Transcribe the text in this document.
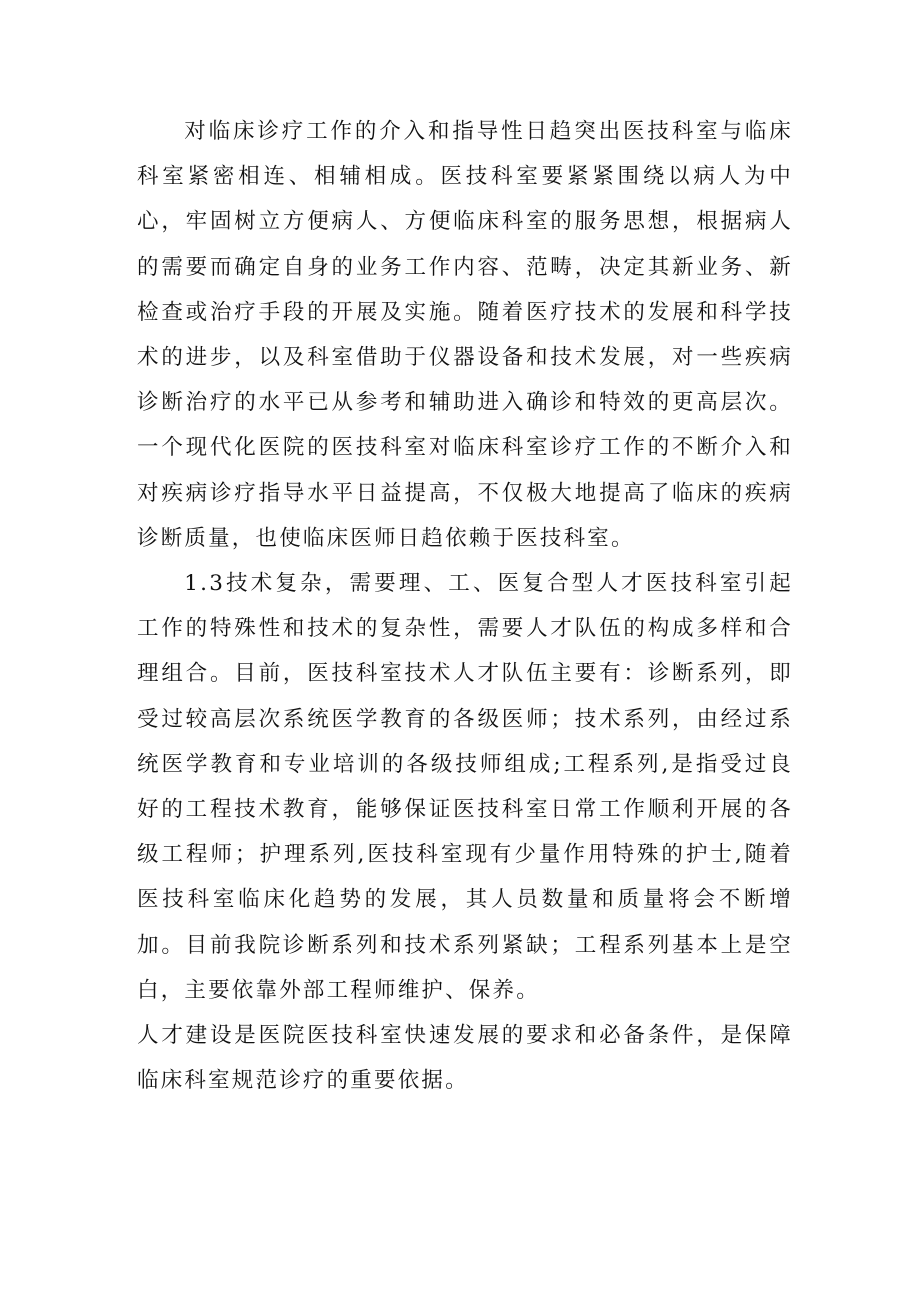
对临床诊疗工作的介入和指导性日趋突出医技科室与临床科室紧密相连、相辅相成。医技科室要紧紧围绕以病人为中心，牢固树立方便病人、方便临床科室的服务思想，根据病人的需要而确定自身的业务工作内容、范畴，决定其新业务、新检查或治疗手段的开展及实施。随着医疗技术的发展和科学技术的进步，以及科室借助于仪器设备和技术发展，对一些疾病诊断治疗的水平已从参考和辅助进入确诊和特效的更高层次。一个现代化医院的医技科室对临床科室诊疗工作的不断介入和对疾病诊疗指导水平日益提高，不仅极大地提高了临床的疾病诊断质量，也使临床医师日趋依赖于医技科室。

1.3技术复杂，需要理、工、医复合型人才医技科室引起工作的特殊性和技术的复杂性，需要人才队伍的构成多样和合理组合。目前，医技科室技术人才队伍主要有：诊断系列，即受过较高层次系统医学教育的各级医师；技术系列，由经过系统医学教育和专业培训的各级技师组成;工程系列,是指受过良好的工程技术教育，能够保证医技科室日常工作顺利开展的各级工程师；护理系列,医技科室现有少量作用特殊的护士,随着医技科室临床化趋势的发展，其人员数量和质量将会不断增加。目前我院诊断系列和技术系列紧缺；工程系列基本上是空白，主要依靠外部工程师维护、保养。

人才建设是医院医技科室快速发展的要求和必备条件，是保障临床科室规范诊疗的重要依据。
